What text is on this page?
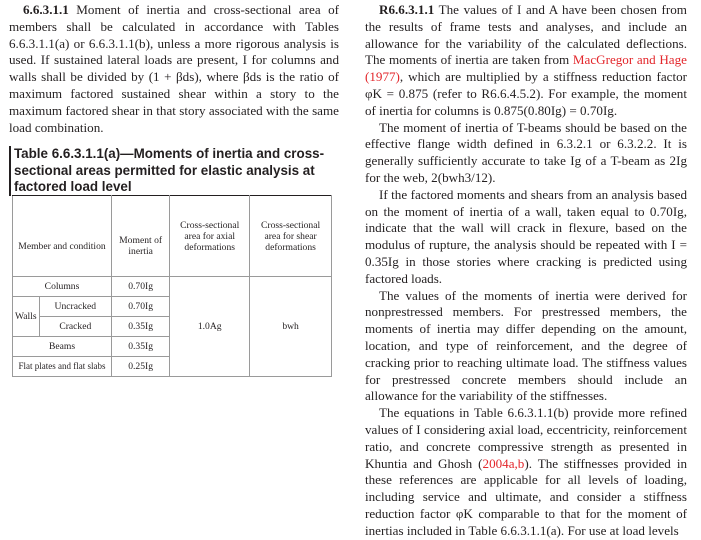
6.6.3.1.1 Moment of inertia and cross-sectional area of members shall be calculated in accordance with Tables 6.6.3.1.1(a) or 6.6.3.1.1(b), unless a more rigorous analysis is used. If sustained lateral loads are present, I for columns and walls shall be divided by (1 + βds), where βds is the ratio of maximum factored sustained shear within a story to the maximum factored shear in that story associated with the same load combination.

Table 6.6.3.1.1(a)—Moments of inertia and cross-sectional areas permitted for elastic analysis at factored load level
Member and condition		Moment of inertia	Cross-sectional area for axial deformations	Cross-sectional area for shear deformations
Columns		0.70Ig	1.0Ag	bwh
Walls	Uncracked	0.70Ig		
	Cracked	0.35Ig		
Beams		0.35Ig		
Flat plates and flat slabs		0.25Ig		

R6.6.3.1.1 The values of I and A have been chosen from the results of frame tests and analyses, and include an allowance for the variability of the calculated deflections. The moments of inertia are taken from MacGregor and Hage (1977), which are multiplied by a stiffness reduction factor φK = 0.875 (refer to R6.6.4.5.2). For example, the moment of inertia for columns is 0.875(0.80Ig) = 0.70Ig.

The moment of inertia of T-beams should be based on the effective flange width defined in 6.3.2.1 or 6.3.2.2. It is generally sufficiently accurate to take Ig of a T-beam as 2Ig for the web, 2(bwh3/12).

If the factored moments and shears from an analysis based on the moment of inertia of a wall, taken equal to 0.70Ig, indicate that the wall will crack in flexure, based on the modulus of rupture, the analysis should be repeated with I = 0.35Ig in those stories where cracking is predicted using factored loads.

The values of the moments of inertia were derived for nonprestressed members. For prestressed members, the moments of inertia may differ depending on the amount, location, and type of reinforcement, and the degree of cracking prior to reaching ultimate load. The stiffness values for prestressed concrete members should include an allowance for the variability of the stiffnesses.

The equations in Table 6.6.3.1.1(b) provide more refined values of I considering axial load, eccentricity, reinforcement ratio, and concrete compressive strength as presented in Khuntia and Ghosh (2004a,b). The stiffnesses provided in these references are applicable for all levels of loading, including service and ultimate, and consider a stiffness reduction factor φK comparable to that for the moment of inertias included in Table 6.6.3.1.1(a). For use at load levels
